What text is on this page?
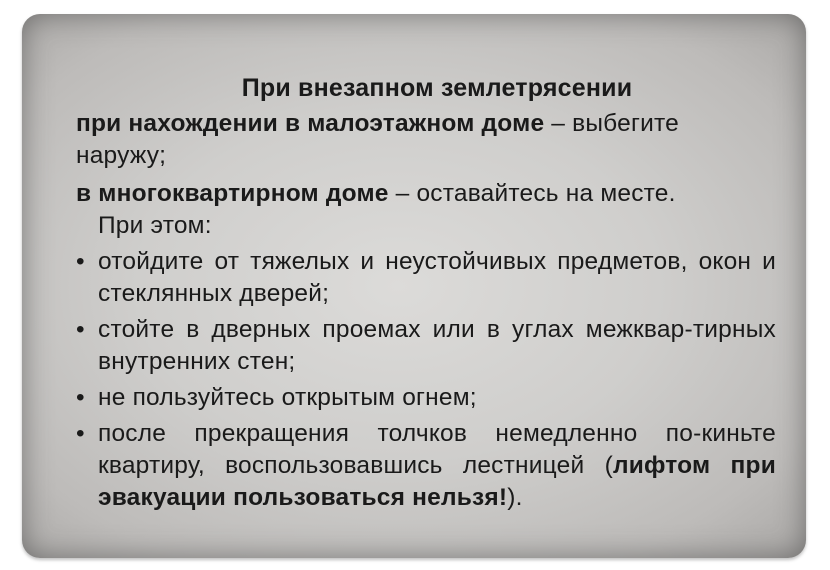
При внезапном землетрясении

при нахождении в малоэтажном доме – выбегите наружу;

в многоквартирном доме – оставайтесь на месте.
При этом:

• отойдите от тяжелых и неустойчивых предметов, окон и стеклянных дверей;
• стойте в дверных проемах или в углах межквар-тирных внутренних стен;
• не пользуйтесь открытым огнем;
• после прекращения толчков немедленно по-киньте квартиру, воспользовавшись лестницей (лифтом при эвакуации пользоваться нельзя!).
